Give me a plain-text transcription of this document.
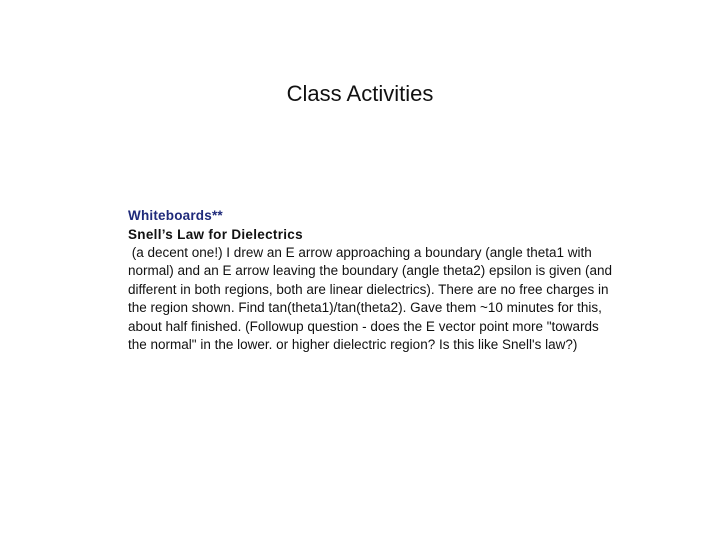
Class Activities
Whiteboards**
Snell’s Law for Dielectrics
(a decent one!) I drew an E arrow approaching a boundary (angle theta1 with
normal) and an E arrow leaving the boundary (angle theta2) epsilon is given (and
different in both regions, both are linear dielectrics). There are no free charges in
the region shown. Find tan(theta1)/tan(theta2). Gave them ~10 minutes for this,
about half finished. (Followup question - does the E vector point more "towards
the normal" in the lower. or higher dielectric region? Is this like Snell's law?)
